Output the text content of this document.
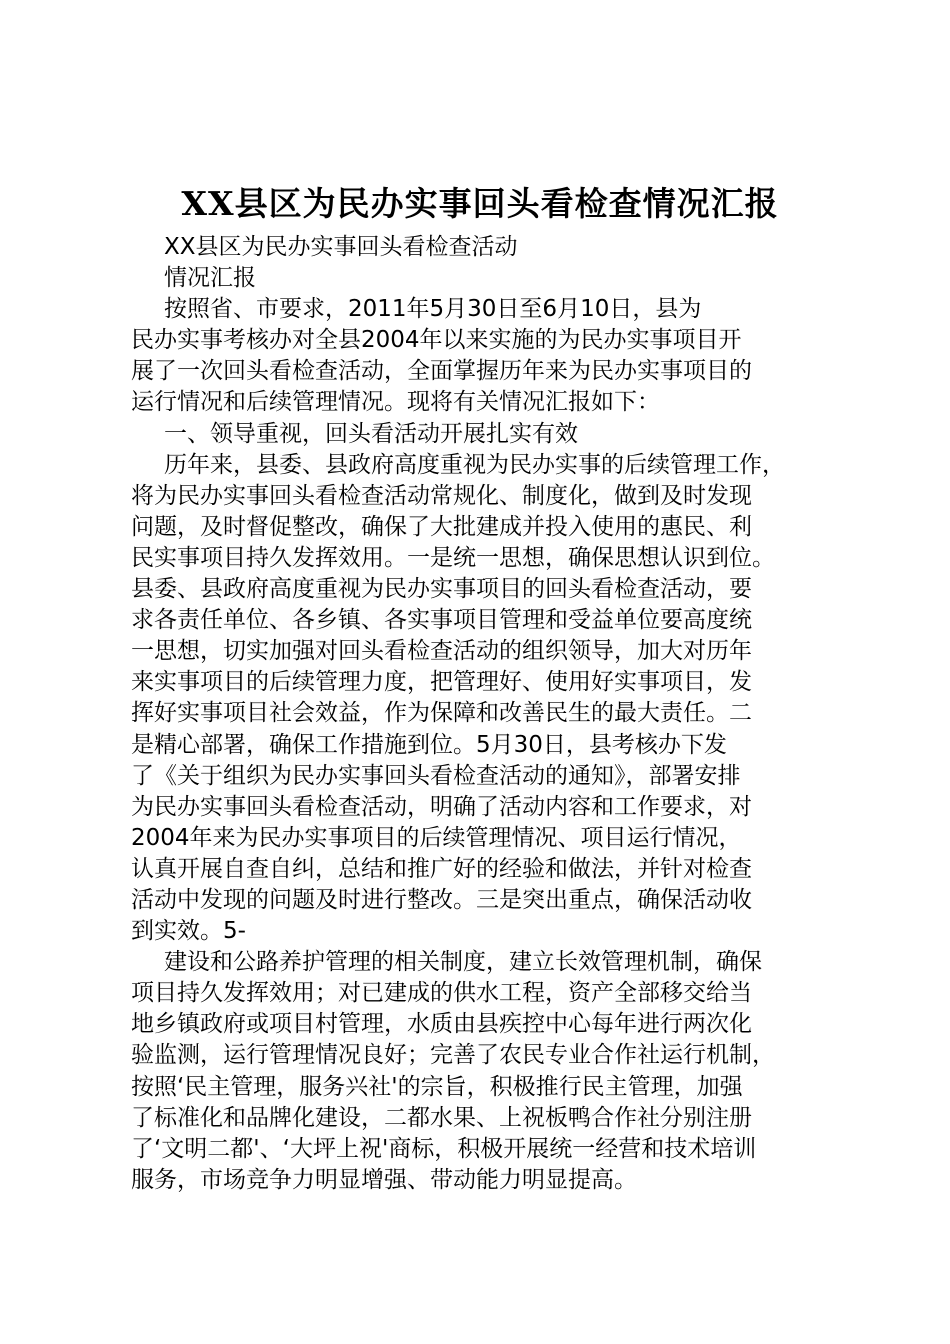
XX县区为民办实事回头看检查情况汇报
XX县区为民办实事回头看检查活动
情况汇报
按照省、市要求，2011年5月30日至6月10日，县为
民办实事考核办对全县2004年以来实施的为民办实事项目开
展了一次回头看检查活动，全面掌握历年来为民办实事项目的
运行情况和后续管理情况。现将有关情况汇报如下：
一、领导重视，回头看活动开展扎实有效
历年来，县委、县政府高度重视为民办实事的后续管理工作，
将为民办实事回头看检查活动常规化、制度化，做到及时发现
问题，及时督促整改，确保了大批建成并投入使用的惠民、利
民实事项目持久发挥效用。一是统一思想，确保思想认识到位。
县委、县政府高度重视为民办实事项目的回头看检查活动，要
求各责任单位、各乡镇、各实事项目管理和受益单位要高度统
一思想，切实加强对回头看检查活动的组织领导，加大对历年
来实事项目的后续管理力度，把管理好、使用好实事项目，发
挥好实事项目社会效益，作为保障和改善民生的最大责任。二
是精心部署，确保工作措施到位。5月30日，县考核办下发
了《关于组织为民办实事回头看检查活动的通知》，部署安排
为民办实事回头看检查活动，明确了活动内容和工作要求，对
2004年来为民办实事项目的后续管理情况、项目运行情况，
认真开展自查自纠，总结和推广好的经验和做法，并针对检查
活动中发现的问题及时进行整改。三是突出重点，确保活动收
到实效。5-
建设和公路养护管理的相关制度，建立长效管理机制，确保
项目持久发挥效用；对已建成的供水工程，资产全部移交给当
地乡镇政府或项目村管理，水质由县疾控中心每年进行两次化
验监测，运行管理情况良好；完善了农民专业合作社运行机制，
按照‘民主管理，服务兴社'的宗旨，积极推行民主管理，加强
了标准化和品牌化建设，二都水果、上祝板鸭合作社分别注册
了‘文明二都'、‘大坪上祝'商标，积极开展统一经营和技术培训
服务，市场竞争力明显增强、带动能力明显提高。
